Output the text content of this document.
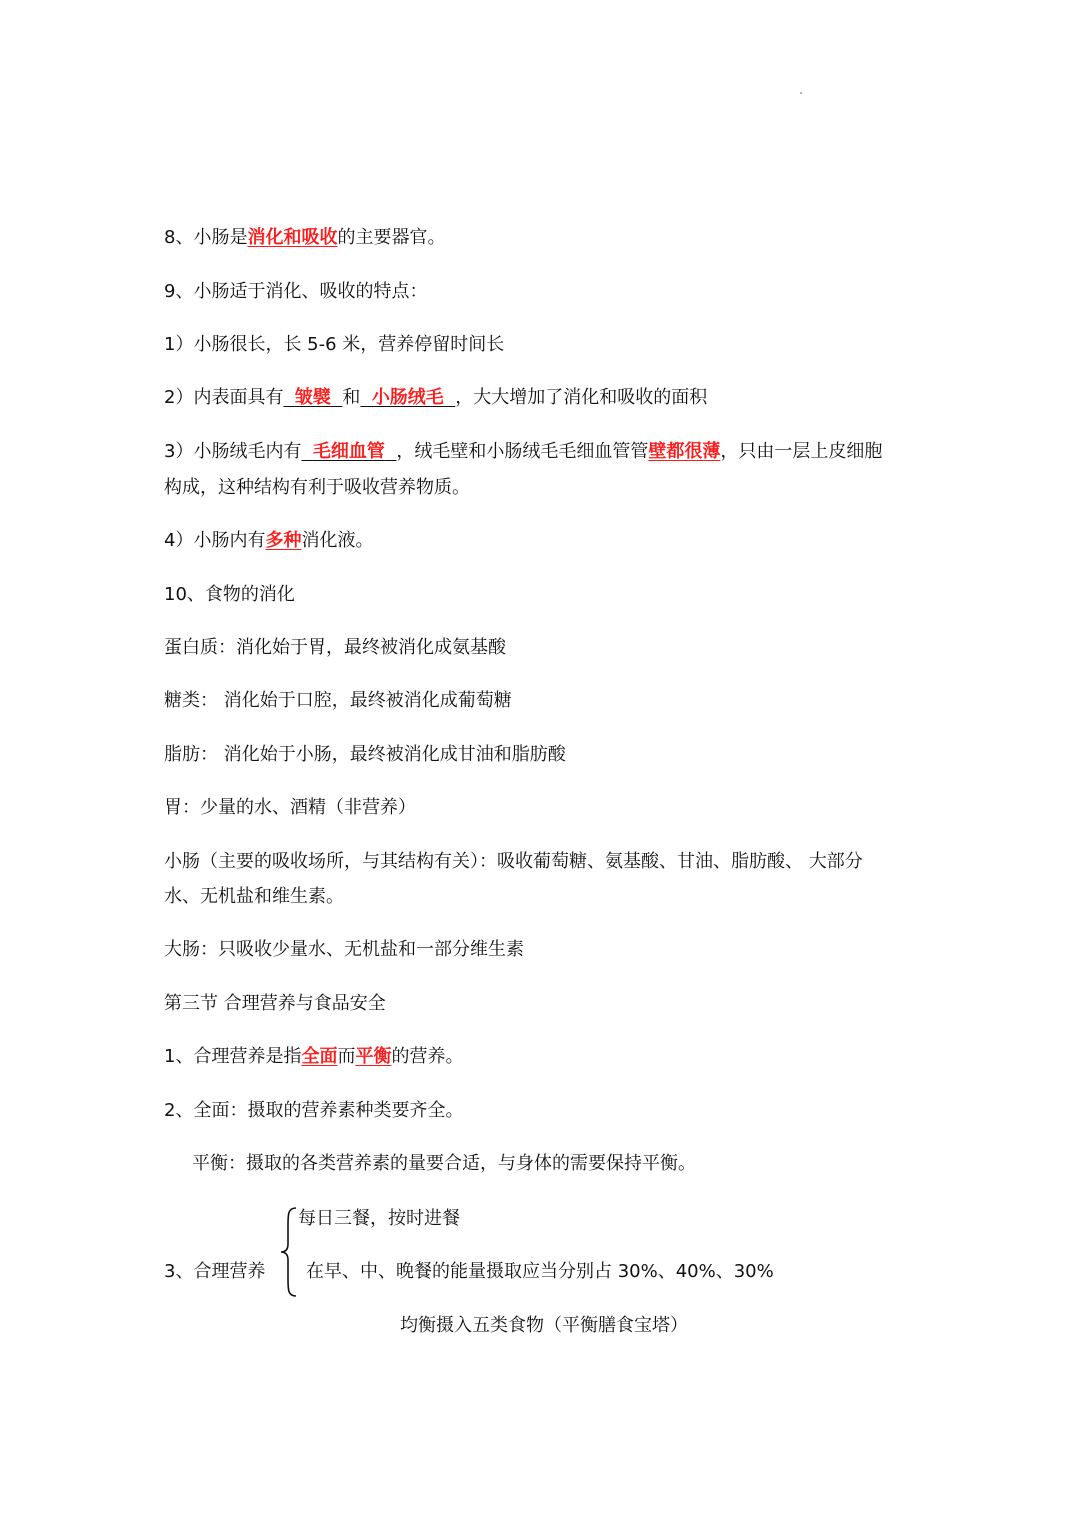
8、小肠是消化和吸收的主要器官。
9、小肠适于消化、吸收的特点：
1）小肠很长，长 5-6 米，营养停留时间长
2）内表面具有 皱襞 和 小肠绒毛 ，大大增加了消化和吸收的面积
3）小肠绒毛内有 毛细血管 ，绒毛壁和小肠绒毛毛细血管管壁都很薄，只由一层上皮细胞
构成，这种结构有利于吸收营养物质。
4）小肠内有多种消化液。
10、食物的消化
蛋白质：消化始于胃，最终被消化成氨基酸
糖类： 消化始于口腔，最终被消化成葡萄糖
脂肪： 消化始于小肠，最终被消化成甘油和脂肪酸
胃：少量的水、酒精（非营养）
小肠（主要的吸收场所，与其结构有关）：吸收葡萄糖、氨基酸、甘油、脂肪酸、 大部分
水、无机盐和维生素。
大肠：只吸收少量水、无机盐和一部分维生素
第三节 合理营养与食品安全
1、合理营养是指全面而平衡的营养。
2、全面：摄取的营养素种类要齐全。
平衡：摄取的各类营养素的量要合适，与身体的需要保持平衡。
每日三餐，按时进餐
3、合理营养 在早、中、晚餐的能量摄取应当分别占 30%、40%、30%
均衡摄入五类食物（平衡膳食宝塔）
